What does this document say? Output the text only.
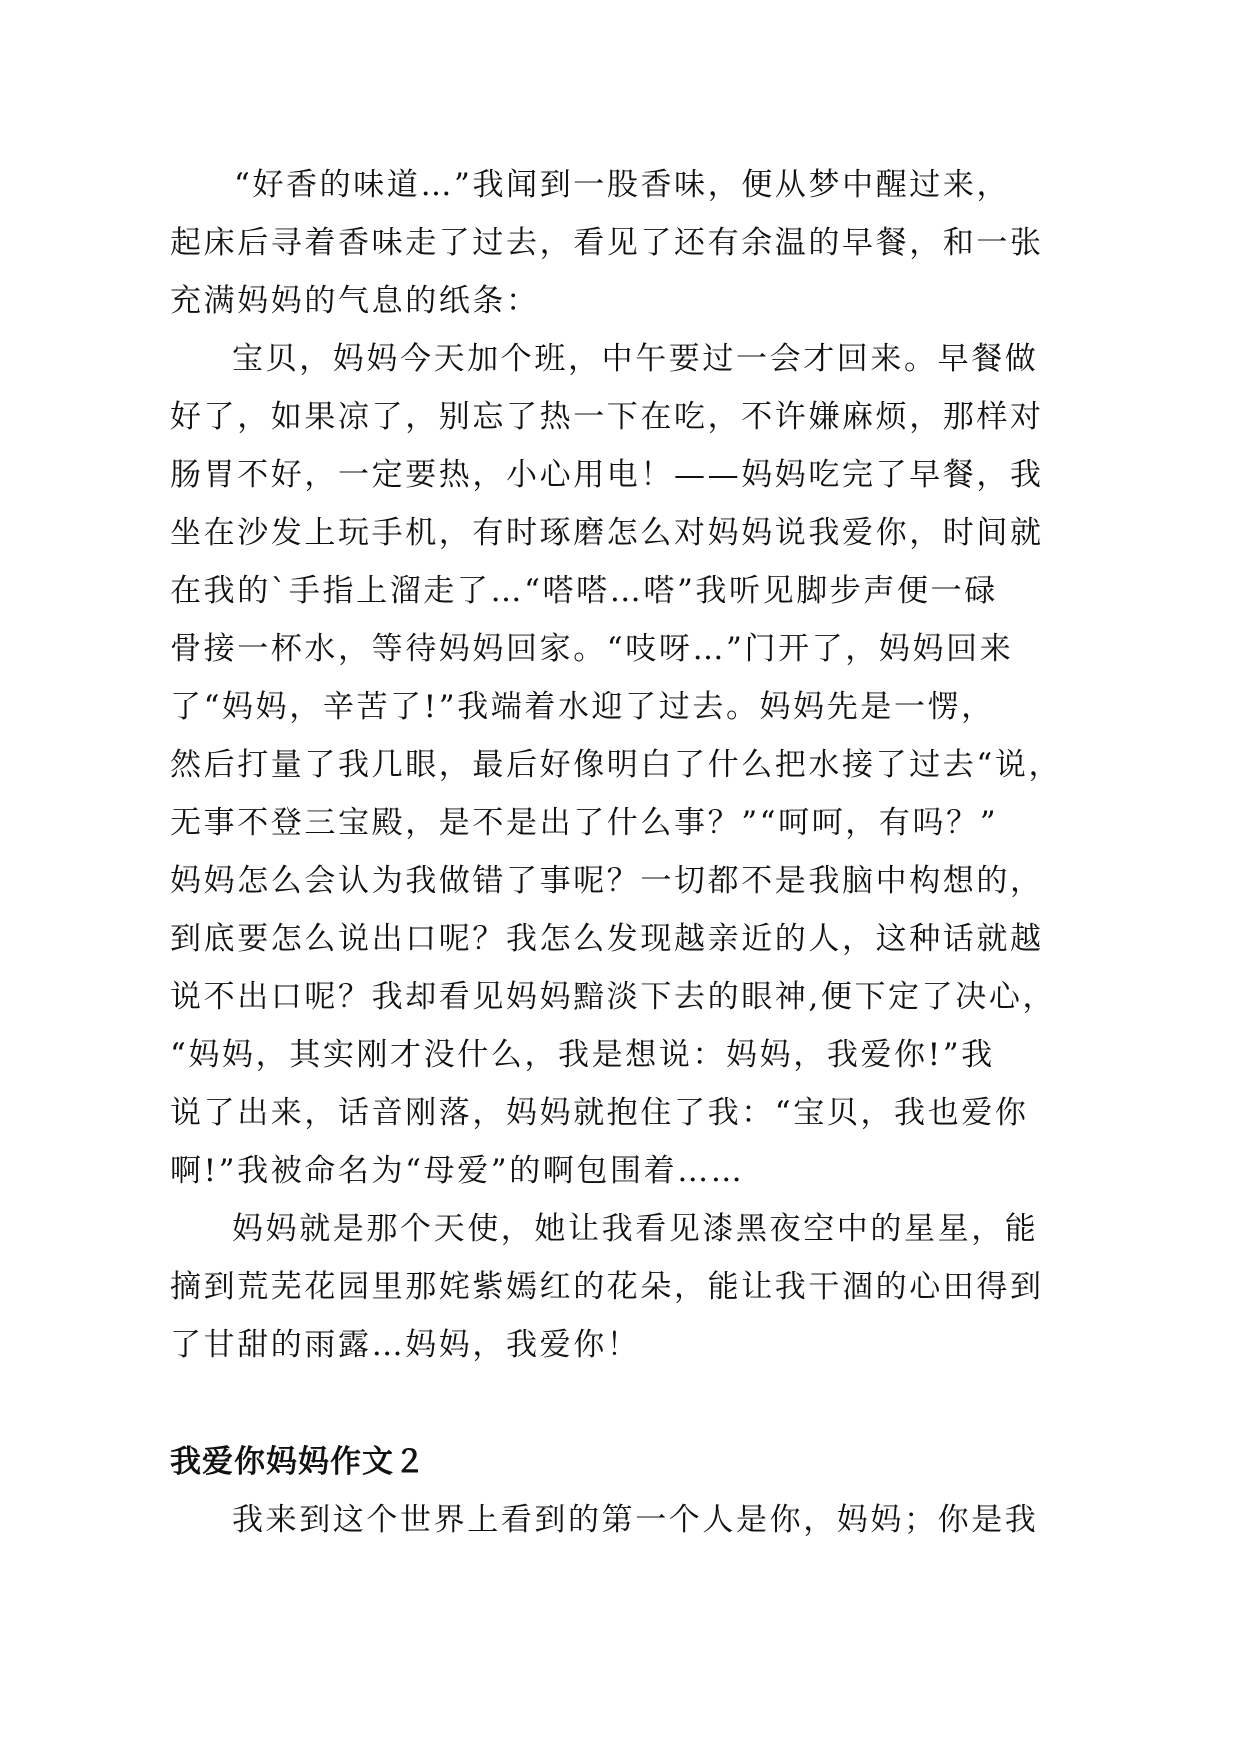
“好香的味道…”我闻到一股香味，便从梦中醒过来，

起床后寻着香味走了过去，看见了还有余温的早餐，和一张

充满妈妈的气息的纸条：

宝贝，妈妈今天加个班，中午要过一会才回来。早餐做

好了，如果凉了，别忘了热一下在吃，不许嫌麻烦，那样对

肠胃不好，一定要热，小心用电！——妈妈吃完了早餐，我

坐在沙发上玩手机，有时琢磨怎么对妈妈说我爱你，时间就

在我的`手指上溜走了…“嗒嗒…嗒”我听见脚步声便一碌

骨接一杯水，等待妈妈回家。“吱呀…”门开了，妈妈回来

了“妈妈，辛苦了!”我端着水迎了过去。妈妈先是一愣，

然后打量了我几眼，最后好像明白了什么把水接了过去“说，

无事不登三宝殿，是不是出了什么事？”“呵呵，有吗？”

妈妈怎么会认为我做错了事呢？一切都不是我脑中构想的，

到底要怎么说出口呢？我怎么发现越亲近的人，这种话就越

说不出口呢？我却看见妈妈黯淡下去的眼神,便下定了决心，

“妈妈，其实刚才没什么，我是想说：妈妈，我爱你!”我

说了出来，话音刚落，妈妈就抱住了我：“宝贝，我也爱你

啊!”我被命名为“母爱”的啊包围着……

妈妈就是那个天使，她让我看见漆黑夜空中的星星，能

摘到荒芜花园里那姹紫嫣红的花朵，能让我干涸的心田得到

了甘甜的雨露…妈妈，我爱你！

我爱你妈妈作文２

我来到这个世界上看到的第一个人是你，妈妈；你是我
